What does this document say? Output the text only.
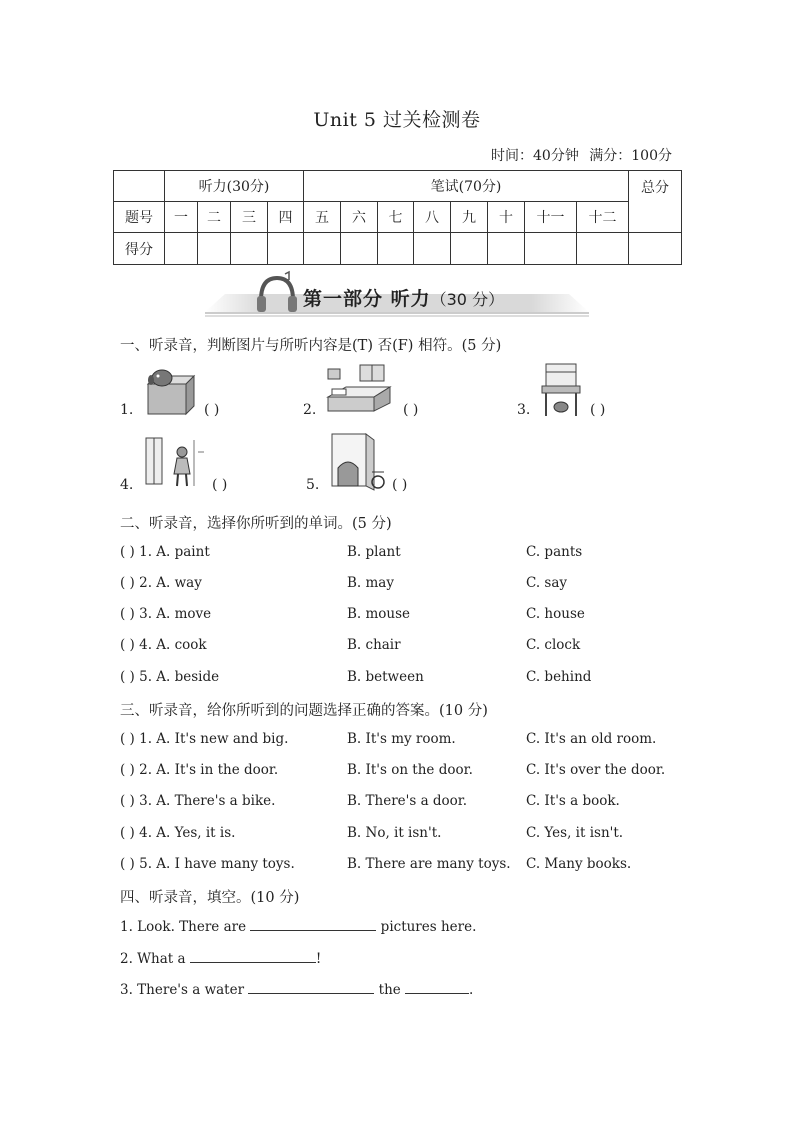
Unit 5 过关检测卷
时间：40分钟 满分：100分
	听力(30分)				笔试(70分)								总分
题号	一	二	三	四	五	六	七	八	九	十	十一	十二	
得分													
第一部分 听力（30 分）
一、听录音，判断图片与所听内容是(T) 否(F) 相符。(5 分)
1.	( )	2.	( )	3.	( )
4.	( )	5.	( )
二、听录音，选择你所听到的单词。(5 分)
( ) 1. A. paint	B. plant	C. pants
( ) 2. A. way	B. may	C. say
( ) 3. A. move	B. mouse	C. house
( ) 4. A. cook	B. chair	C. clock
( ) 5. A. beside	B. between	C. behind
三、听录音，给你所听到的问题选择正确的答案。(10 分)
( ) 1. A. It's new and big.	B. It's my room.	C. It's an old room.
( ) 2. A. It's in the door.	B. It's on the door.	C. It's over the door.
( ) 3. A. There's a bike.	B. There's a door.	C. It's a book.
( ) 4. A. Yes, it is.	B. No, it isn't.	C. Yes, it isn't.
( ) 5. A. I have many toys.	B. There are many toys. C. Many books.
四、听录音，填空。(10 分)
1. Look. There are	pictures here.
2. What a	!
3. There's a water	the	.
